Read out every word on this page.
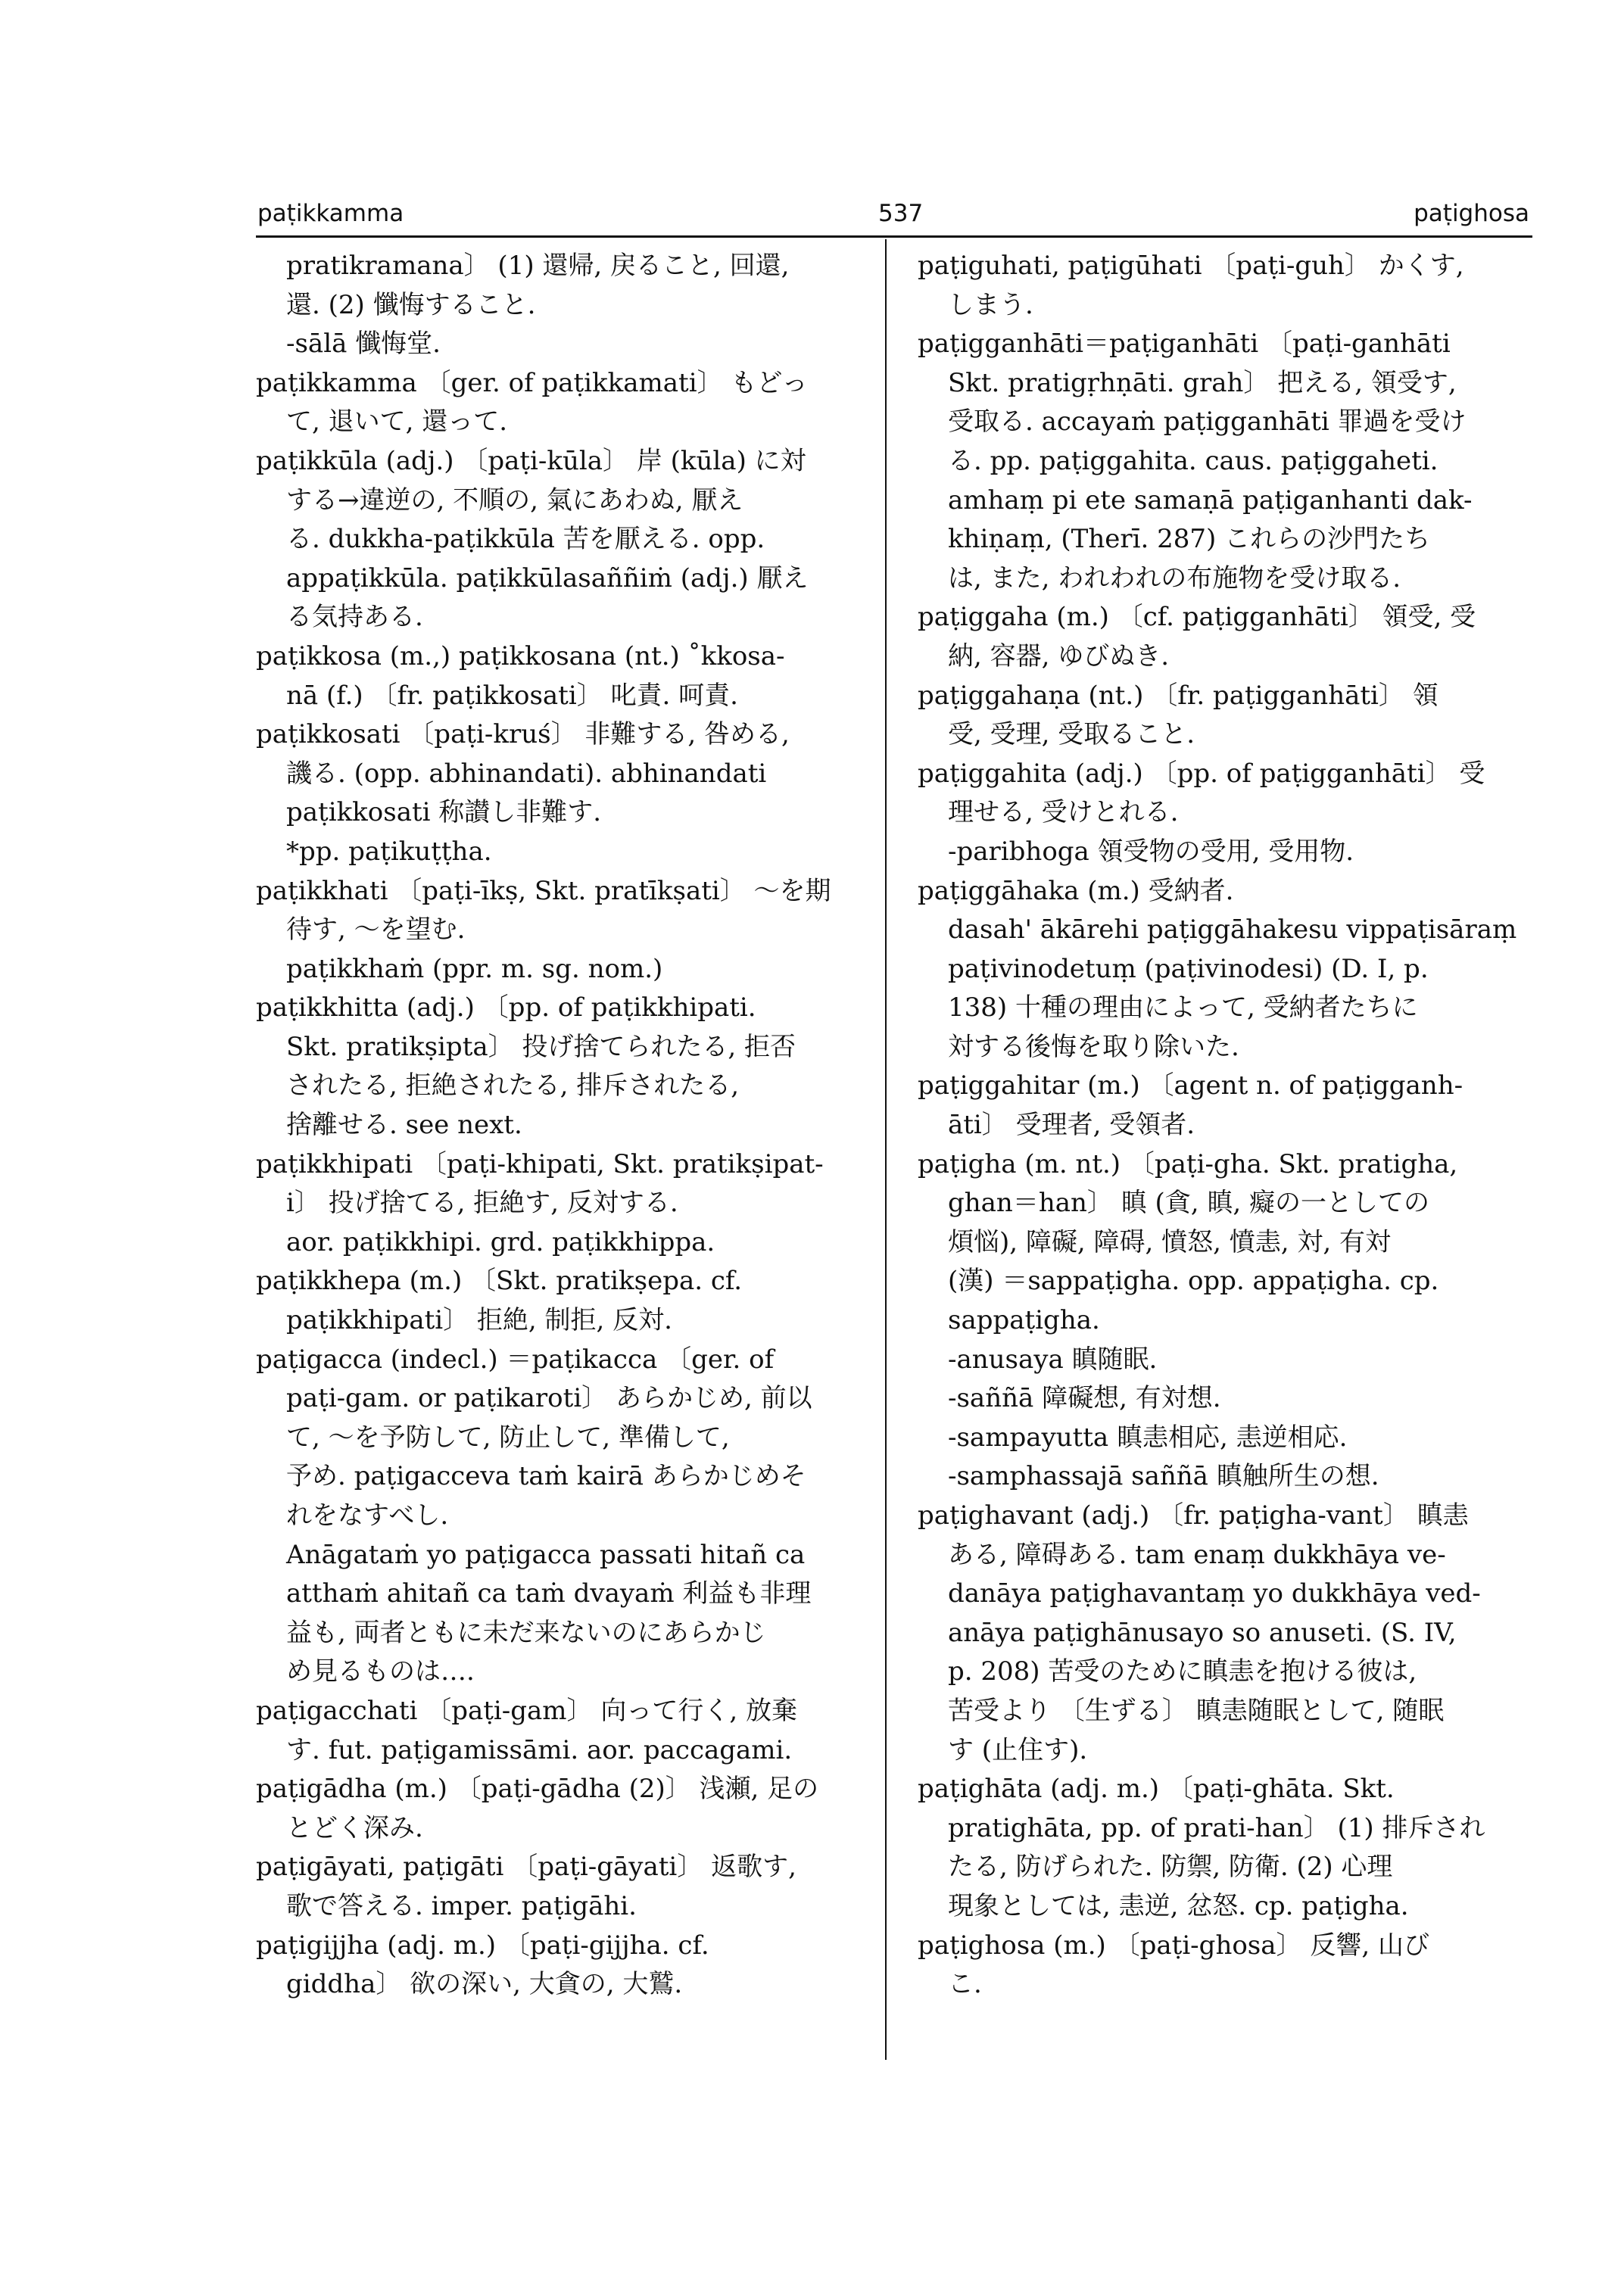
paṭikkamma	537	paṭighosa
pratikramana〕 (1) 還帰, 戻ること, 回還,
還. (2) 懺悔すること.
-sālā 懺悔堂.
paṭikkamma 〔ger. of paṭikkamati〕 もどっ
て, 退いて, 還って.
paṭikkūla (adj.) 〔paṭi-kūla〕 岸 (kūla) に対
する→違逆の, 不順の, 氣にあわぬ, 厭え
る. dukkha-paṭikkūla 苦を厭える. opp.
appaṭikkūla. paṭikkūlasaññiṁ (adj.) 厭え
る気持ある.
paṭikkosa (m.,) paṭikkosana (nt.) ˚kkosa-
nā (f.) 〔fr. paṭikkosati〕 叱責. 呵責.
paṭikkosati 〔paṭi-kruś〕 非難する, 咎める,
譏る. (opp. abhinandati). abhinandati
paṭikkosati 称讃し非難す.
*pp. paṭikuṭṭha.
paṭikkhati 〔paṭi-īkṣ, Skt. pratīkṣati〕 ～を期
待す, ～を望む.
paṭikkhaṁ (ppr. m. sg. nom.)
paṭikkhitta (adj.) 〔pp. of paṭikkhipati.
Skt. pratikṣipta〕 投げ捨てられたる, 拒否
されたる, 拒絶されたる, 排斥されたる,
捨離せる. see next.
paṭikkhipati 〔paṭi-khipati, Skt. pratikṣipat-
i〕 投げ捨てる, 拒絶す, 反対する.
aor. paṭikkhipi. grd. paṭikkhippa.
paṭikkhepa (m.) 〔Skt. pratikṣepa. cf.
paṭikkhipati〕 拒絶, 制拒, 反対.
paṭigacca (indecl.) ＝paṭikacca 〔ger. of
paṭi-gam. or paṭikaroti〕 あらかじめ, 前以
て, ～を予防して, 防止して, 準備して,
予め. paṭigacceva taṁ kairā あらかじめそ
れをなすべし.
Anāgataṁ yo paṭigacca passati hitañ ca
atthaṁ ahitañ ca taṁ dvayaṁ 利益も非理
益も, 両者ともに未だ来ないのにあらかじ
め見るものは….
paṭigacchati 〔paṭi-gam〕 向って行く, 放棄
す. fut. paṭigamissāmi. aor. paccagami.
paṭigādha (m.) 〔paṭi-gādha (2)〕 浅瀬, 足の
とどく深み.
paṭigāyati, paṭigāti 〔paṭi-gāyati〕 返歌す,
歌で答える. imper. paṭigāhi.
paṭigijjha (adj. m.) 〔paṭi-gijjha. cf.
giddha〕 欲の深い, 大貪の, 大鷲.
paṭiguhati, paṭigūhati 〔paṭi-guh〕 かくす,
しまう.
paṭigganhāti＝paṭiganhāti 〔paṭi-ganhāti
Skt. pratigṛhṇāti. grah〕 把える, 領受す,
受取る. accayaṁ paṭigganhāti 罪過を受け
る. pp. paṭiggahita. caus. paṭiggaheti.
amhaṃ pi ete samaṇā paṭiganhanti dak-
khiṇaṃ, (Therī. 287) これらの沙門たち
は, また, われわれの布施物を受け取る.
paṭiggaha (m.) 〔cf. paṭigganhāti〕 領受, 受
納, 容器, ゆびぬき.
paṭiggahaṇa (nt.) 〔fr. paṭigganhāti〕 領
受, 受理, 受取ること.
paṭiggahita (adj.) 〔pp. of paṭigganhāti〕 受
理せる, 受けとれる.
-paribhoga 領受物の受用, 受用物.
paṭiggāhaka (m.) 受納者.
dasah' ākārehi paṭiggāhakesu vippaṭisāraṃ
paṭivinodetuṃ (paṭivinodesi) (D. I, p.
138) 十種の理由によって, 受納者たちに
対する後悔を取り除いた.
paṭiggahitar (m.) 〔agent n. of paṭigganh-
āti〕 受理者, 受領者.
paṭigha (m. nt.) 〔paṭi-gha. Skt. pratigha,
ghan＝han〕 瞋 (貪, 瞋, 癡の一としての
煩悩), 障礙, 障碍, 憤怒, 憤恚, 対, 有対
(漢) ＝sappaṭigha. opp. appaṭigha. cp.
sappaṭigha.
-anusaya 瞋随眠.
-saññā 障礙想, 有対想.
-sampayutta 瞋恚相応, 恚逆相応.
-samphassajā saññā 瞋触所生の想.
paṭighavant (adj.) 〔fr. paṭigha-vant〕 瞋恚
ある, 障碍ある. tam enaṃ dukkhāya ve-
danāya paṭighavantaṃ yo dukkhāya ved-
anāya paṭighānusayo so anuseti. (S. IV,
p. 208) 苦受のために瞋恚を抱ける彼は,
苦受より 〔生ずる〕 瞋恚随眠として, 随眠
す (止住す).
paṭighāta (adj. m.) 〔paṭi-ghāta. Skt.
pratighāta, pp. of prati-han〕 (1) 排斥され
たる, 防げられた. 防禦, 防衛. (2) 心理
現象としては, 恚逆, 忿怒. cp. paṭigha.
paṭighosa (m.) 〔paṭi-ghosa〕 反響, 山び
こ.
